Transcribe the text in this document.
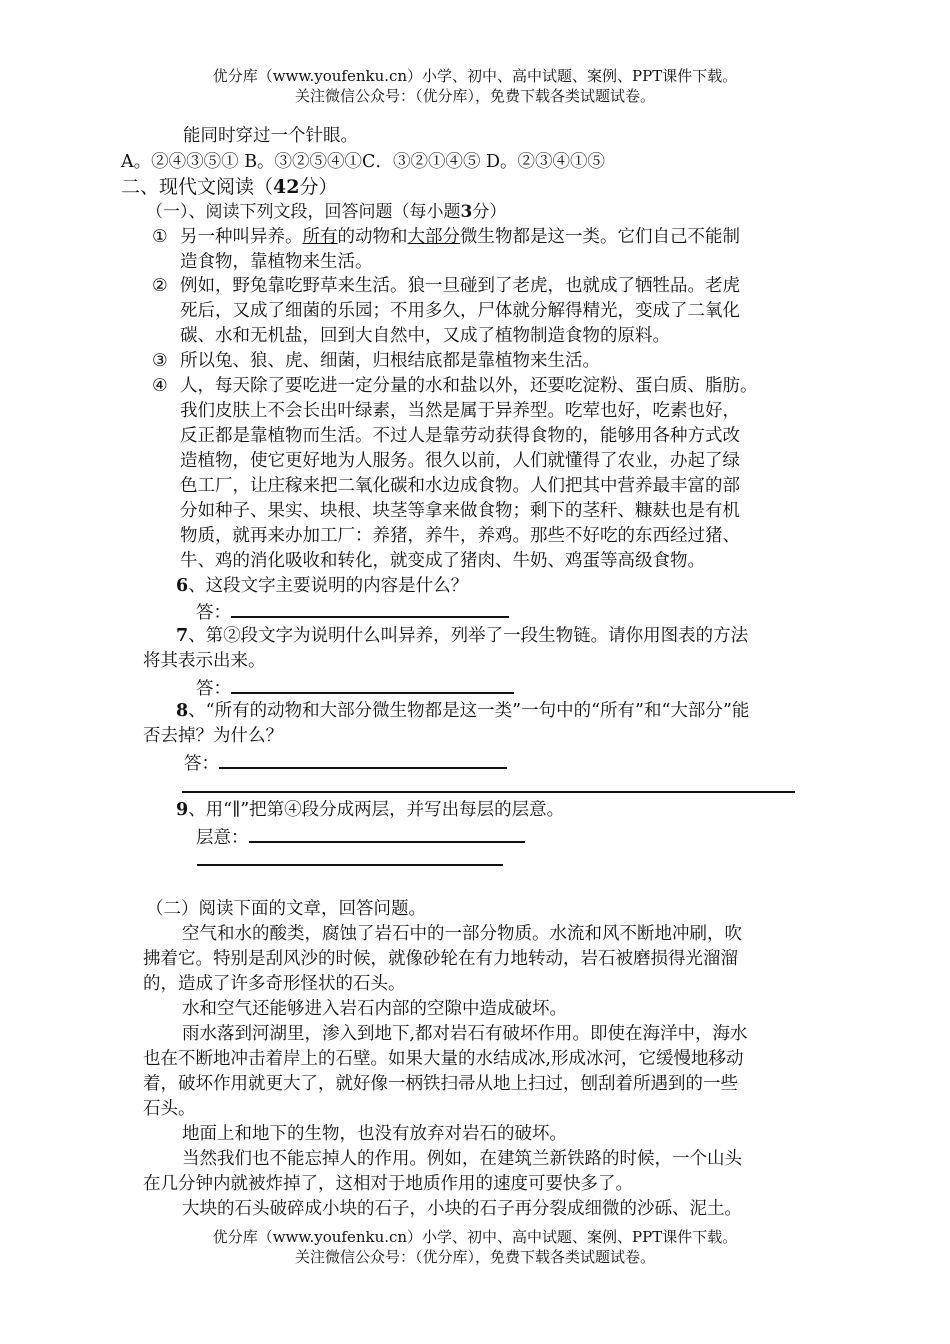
优分库（www.youfenku.cn）小学、初中、高中试题、案例、PPT课件下载。
关注微信公众号：（优分库），免费下载各类试题试卷。
能同时穿过一个针眼。
A。②④③⑤① B。③②⑤④①C．③②①④⑤ D。②③④①⑤
二、现代文阅读（42分）
（一）、阅读下列文段，回答问题（每小题3分）
① 另一种叫异养。所有的动物和大部分微生物都是这一类。它们自己不能制
造食物，靠植物来生活。
② 例如，野兔靠吃野草来生活。狼一旦碰到了老虎，也就成了牺牲品。老虎
死后，又成了细菌的乐园；不用多久，尸体就分解得精光，变成了二氧化
碳、水和无机盐，回到大自然中，又成了植物制造食物的原料。
③ 所以兔、狼、虎、细菌，归根结底都是靠植物来生活。
④ 人，每天除了要吃进一定分量的水和盐以外，还要吃淀粉、蛋白质、脂肪。
我们皮肤上不会长出叶绿素，当然是属于异养型。吃荤也好，吃素也好，
反正都是靠植物而生活。不过人是靠劳动获得食物的，能够用各种方式改
造植物，使它更好地为人服务。很久以前，人们就懂得了农业，办起了绿
色工厂，让庄稼来把二氧化碳和水边成食物。人们把其中营养最丰富的部
分如种子、果实、块根、块茎等拿来做食物；剩下的茎秆、糠麸也是有机
物质，就再来办加工厂：养猪，养牛，养鸡。那些不好吃的东西经过猪、
牛、鸡的消化吸收和转化，就变成了猪肉、牛奶、鸡蛋等高级食物。
6、这段文字主要说明的内容是什么？
答：
7、第②段文字为说明什么叫异养，列举了一段生物链。请你用图表的方法
将其表示出来。
答：
8、“所有的动物和大部分微生物都是这一类”一句中的“所有”和“大部分”能
否去掉？为什么？
答：
9、用“∥”把第④段分成两层，并写出每层的层意。
层意：
（二）阅读下面的文章，回答问题。
空气和水的酸类，腐蚀了岩石中的一部分物质。水流和风不断地冲刷，吹
拂着它。特别是刮风沙的时候，就像砂轮在有力地转动，岩石被磨损得光溜溜
的，造成了许多奇形怪状的石头。
水和空气还能够进入岩石内部的空隙中造成破坏。
雨水落到河湖里，渗入到地下,都对岩石有破坏作用。即使在海洋中，海水
也在不断地冲击着岸上的石壁。如果大量的水结成冰,形成冰河，它缓慢地移动
着，破坏作用就更大了，就好像一柄铁扫帚从地上扫过，刨刮着所遇到的一些
石头。
地面上和地下的生物，也没有放弃对岩石的破坏。
当然我们也不能忘掉人的作用。例如，在建筑兰新铁路的时候，一个山头
在几分钟内就被炸掉了，这相对于地质作用的速度可要快多了。
大块的石头破碎成小块的石子，小块的石子再分裂成细微的沙砾、泥土。
优分库（www.youfenku.cn）小学、初中、高中试题、案例、PPT课件下载。
关注微信公众号：（优分库），免费下载各类试题试卷。
